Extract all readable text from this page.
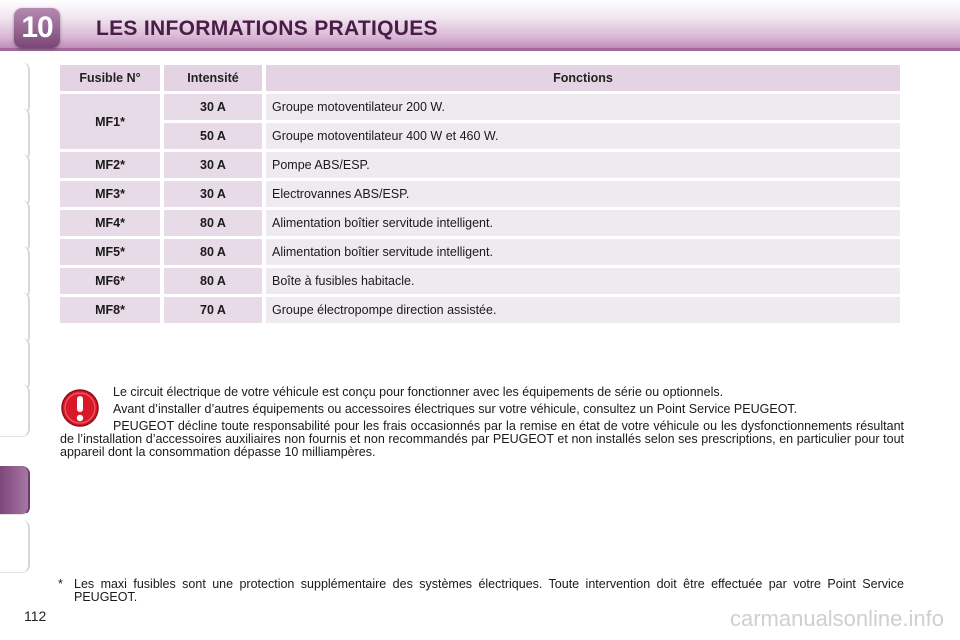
10	LES INFORMATIONS PRATIQUES
Fusible N°	Intensité	Fonctions
MF1*	30 A	Groupe motoventilateur 200 W.
	50 A	Groupe motoventilateur 400 W et 460 W.
MF2*	30 A	Pompe ABS/ESP.
MF3*	30 A	Electrovannes ABS/ESP.
MF4*	80 A	Alimentation boîtier servitude intelligent.
MF5*	80 A	Alimentation boîtier servitude intelligent.
MF6*	80 A	Boîte à fusibles habitacle.
MF8*	70 A	Groupe électropompe direction assistée.

Le circuit électrique de votre véhicule est conçu pour fonctionner avec les équipements de série ou optionnels.

Avant d’installer d’autres équipements ou accessoires électriques sur votre véhicule, consultez un Point Service PEUGEOT.

PEUGEOT décline toute responsabilité pour les frais occasionnés par la remise en état de votre véhicule ou les dysfonctionnements résultant de l’installation d’accessoires auxiliaires non fournis et non recommandés par PEUGEOT et non installés selon ses prescriptions, en particulier pour tout appareil dont la consommation dépasse 10 milliampères.

* Les maxi fusibles sont une protection supplémentaire des systèmes électriques. Toute intervention doit être effectuée par votre Point Service PEUGEOT.
112	carmanualsonline.info
